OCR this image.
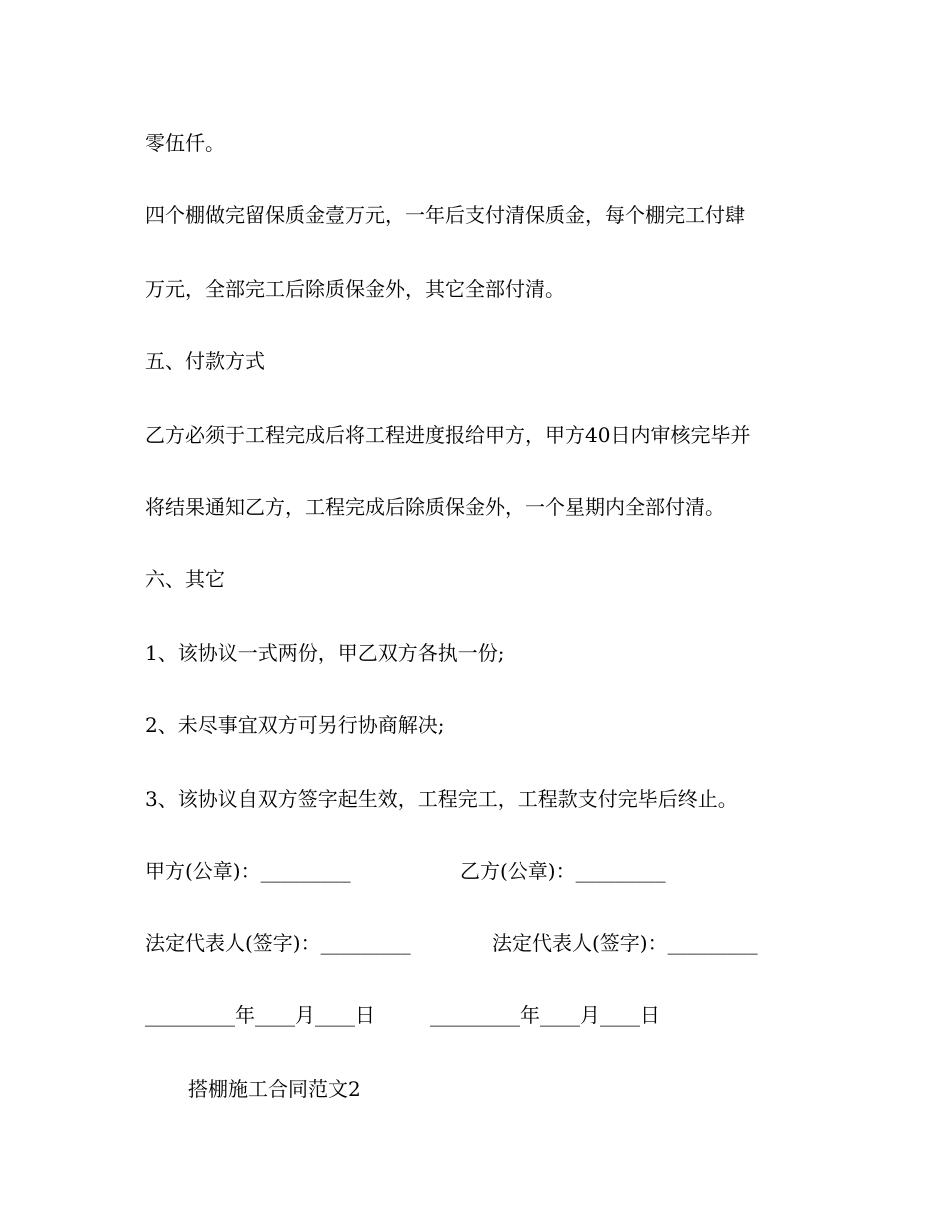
零伍仟。

四个棚做完留保质金壹万元，一年后支付清保质金，每个棚完工付肆

万元，全部完工后除质保金外，其它全部付清。

五、付款方式

乙方必须于工程完成后将工程进度报给甲方，甲方40日内审核完毕并

将结果通知乙方，工程完成后除质保金外，一个星期内全部付清。

六、其它

1、该协议一式两份，甲乙双方各执一份;

2、未尽事宜双方可另行协商解决;

3、该协议自双方签字起生效，工程完工，工程款支付完毕后终止。

甲方(公章)：_________	乙方(公章)：_________

法定代表人(签字)：_________	法定代表人(签字)：_________

_________年____月____日	_________年____月____日

搭棚施工合同范文2
